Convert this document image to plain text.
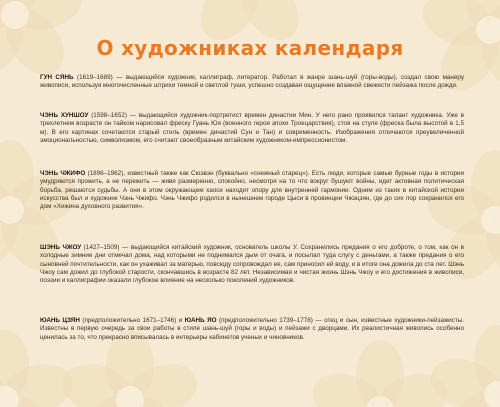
О художниках календаря

ГУН СЯНЬ (1619–1689) — выдающийся художник, каллиграф, литератор. Работал в жанре шань-шуй (горы-воды), создал свою манеру живописи, используя многочисленные штрихи темной и светлой туши, успешно создавая ощущение влажной свежести пейзажа после дождя.

ЧЭНЬ ХУНШОУ (1598–1652) — выдающийся художник-портретист времен династии Мин. У него рано проявился талант художника. Уже в трехлетнем возрасте он тайком нарисовал фреску Гуань Юя (военного героя эпохи Троецарствия), стоя на стуле (фреска была высотой в 1,5 м). В его картинах сочетаются старый стиль (времен династий Сун и Тан) и современность. Изображения отличаются преувеличенной эмоциональностью, символизмом, его считают своеобразным китайским художником-импрессионистом.

ЧЭНЬ ЧЖИФО (1896–1962), известный также как Сюэвэн (буквально «снежный старец»). Есть люди, которые самые бурные годы в истории умудряются прожить, а не пережить — живя размеренно, спокойно, несмотря на то что вокруг бушуют войны, идет активная политическая борьба, решаются судьбы. А они в этом окружающем хаосе находят опору для внутренней гармонии. Одним из таких в китайской истории искусства был и художник Чэнь Чжифо. Чэнь Чжифо родился в нынешнем городе Цыси в провинции Чжэцзян, где до сих пор сохранился его дом «Хижина духовного развития».

ШЭНЬ ЧЖОУ (1427–1509) — выдающийся китайский художник, основатель школы У. Сохранились предания о его доброте, о том, как он в холодные зимние дни отмечал дома, над которыми не поднимался дым от очага, и посылал туда слугу с деньгами, а также предания о его сыновней почтительности, как он ухаживал за матерью, повсюду сопровождал ее, сам приносил ей воду, и в итоге она дожила до ста лет. Шэнь Чжоу сам дожил до глубокой старости, скончавшись в возрасте 82 лет. Независимая и чистая жизнь Шэнь Чжоу и его достижения в живописи, поэзии и каллиграфии оказали глубокое влияние на несколько поколений художников.

ЮАНЬ ЦЗЯН (предположительно 1671–1746) и ЮАНЬ ЯО (предположительно 1739–1778) — отец и сын, известные художники-пейзажисты. Известны в первую очередь за свои работы в стиле шань-шуй (горы и воды) и пейзажи с дворцами. Их реалистичная живопись особенно ценилась за то, что прекрасно вписывалась в интерьеры кабинетов ученых и чиновников.
